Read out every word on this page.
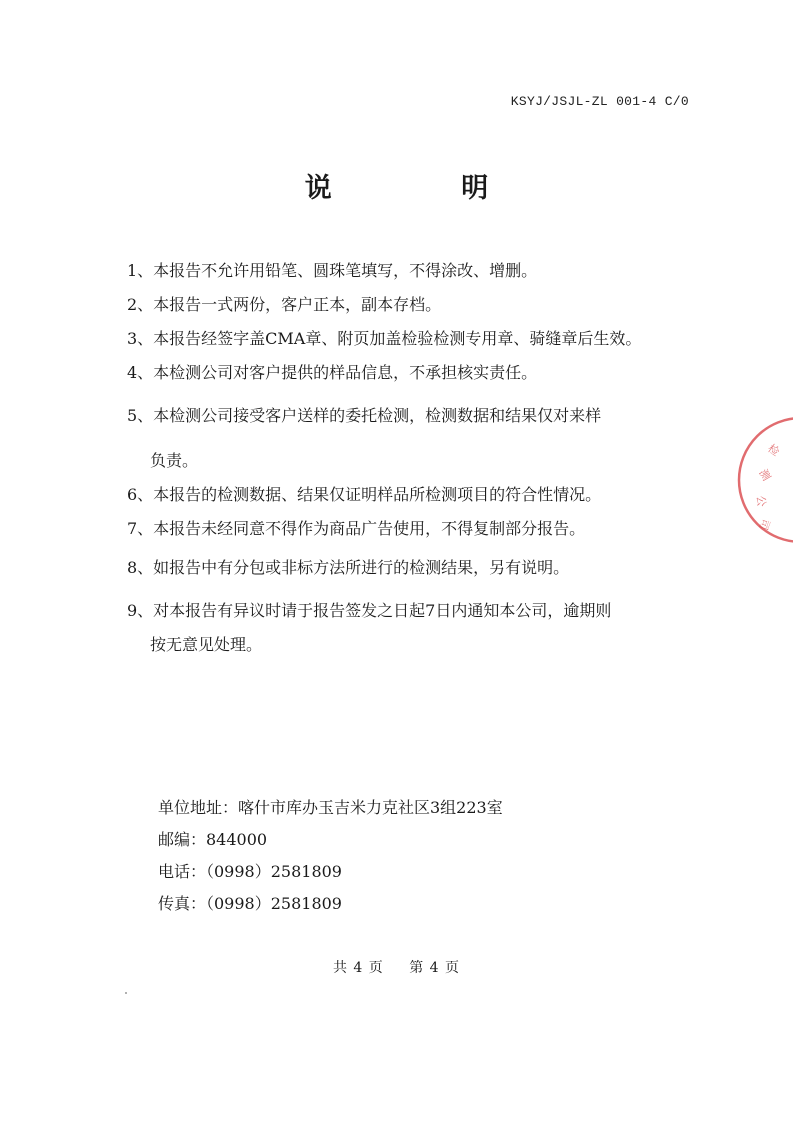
KSYJ/JSJL-ZL 001-4 C/0
说 明
1、本报告不允许用铅笔、圆珠笔填写，不得涂改、增删。
2、本报告一式两份，客户正本，副本存档。
3、本报告经签字盖CMA章、附页加盖检验检测专用章、骑缝章后生效。
4、本检测公司对客户提供的样品信息，不承担核实责任。
5、本检测公司接受客户送样的委托检测，检测数据和结果仅对来样
负责。
6、本报告的检测数据、结果仅证明样品所检测项目的符合性情况。
7、本报告未经同意不得作为商品广告使用，不得复制部分报告。
8、如报告中有分包或非标方法所进行的检测结果，另有说明。
9、对本报告有异议时请于报告签发之日起7日内通知本公司，逾期则
按无意见处理。
单位地址：喀什市库办玉吉米力克社区3组223室
邮编：844000
电话：（0998）2581809
传真：（0998）2581809
共 4 页 第 4 页
检
测
公
司
